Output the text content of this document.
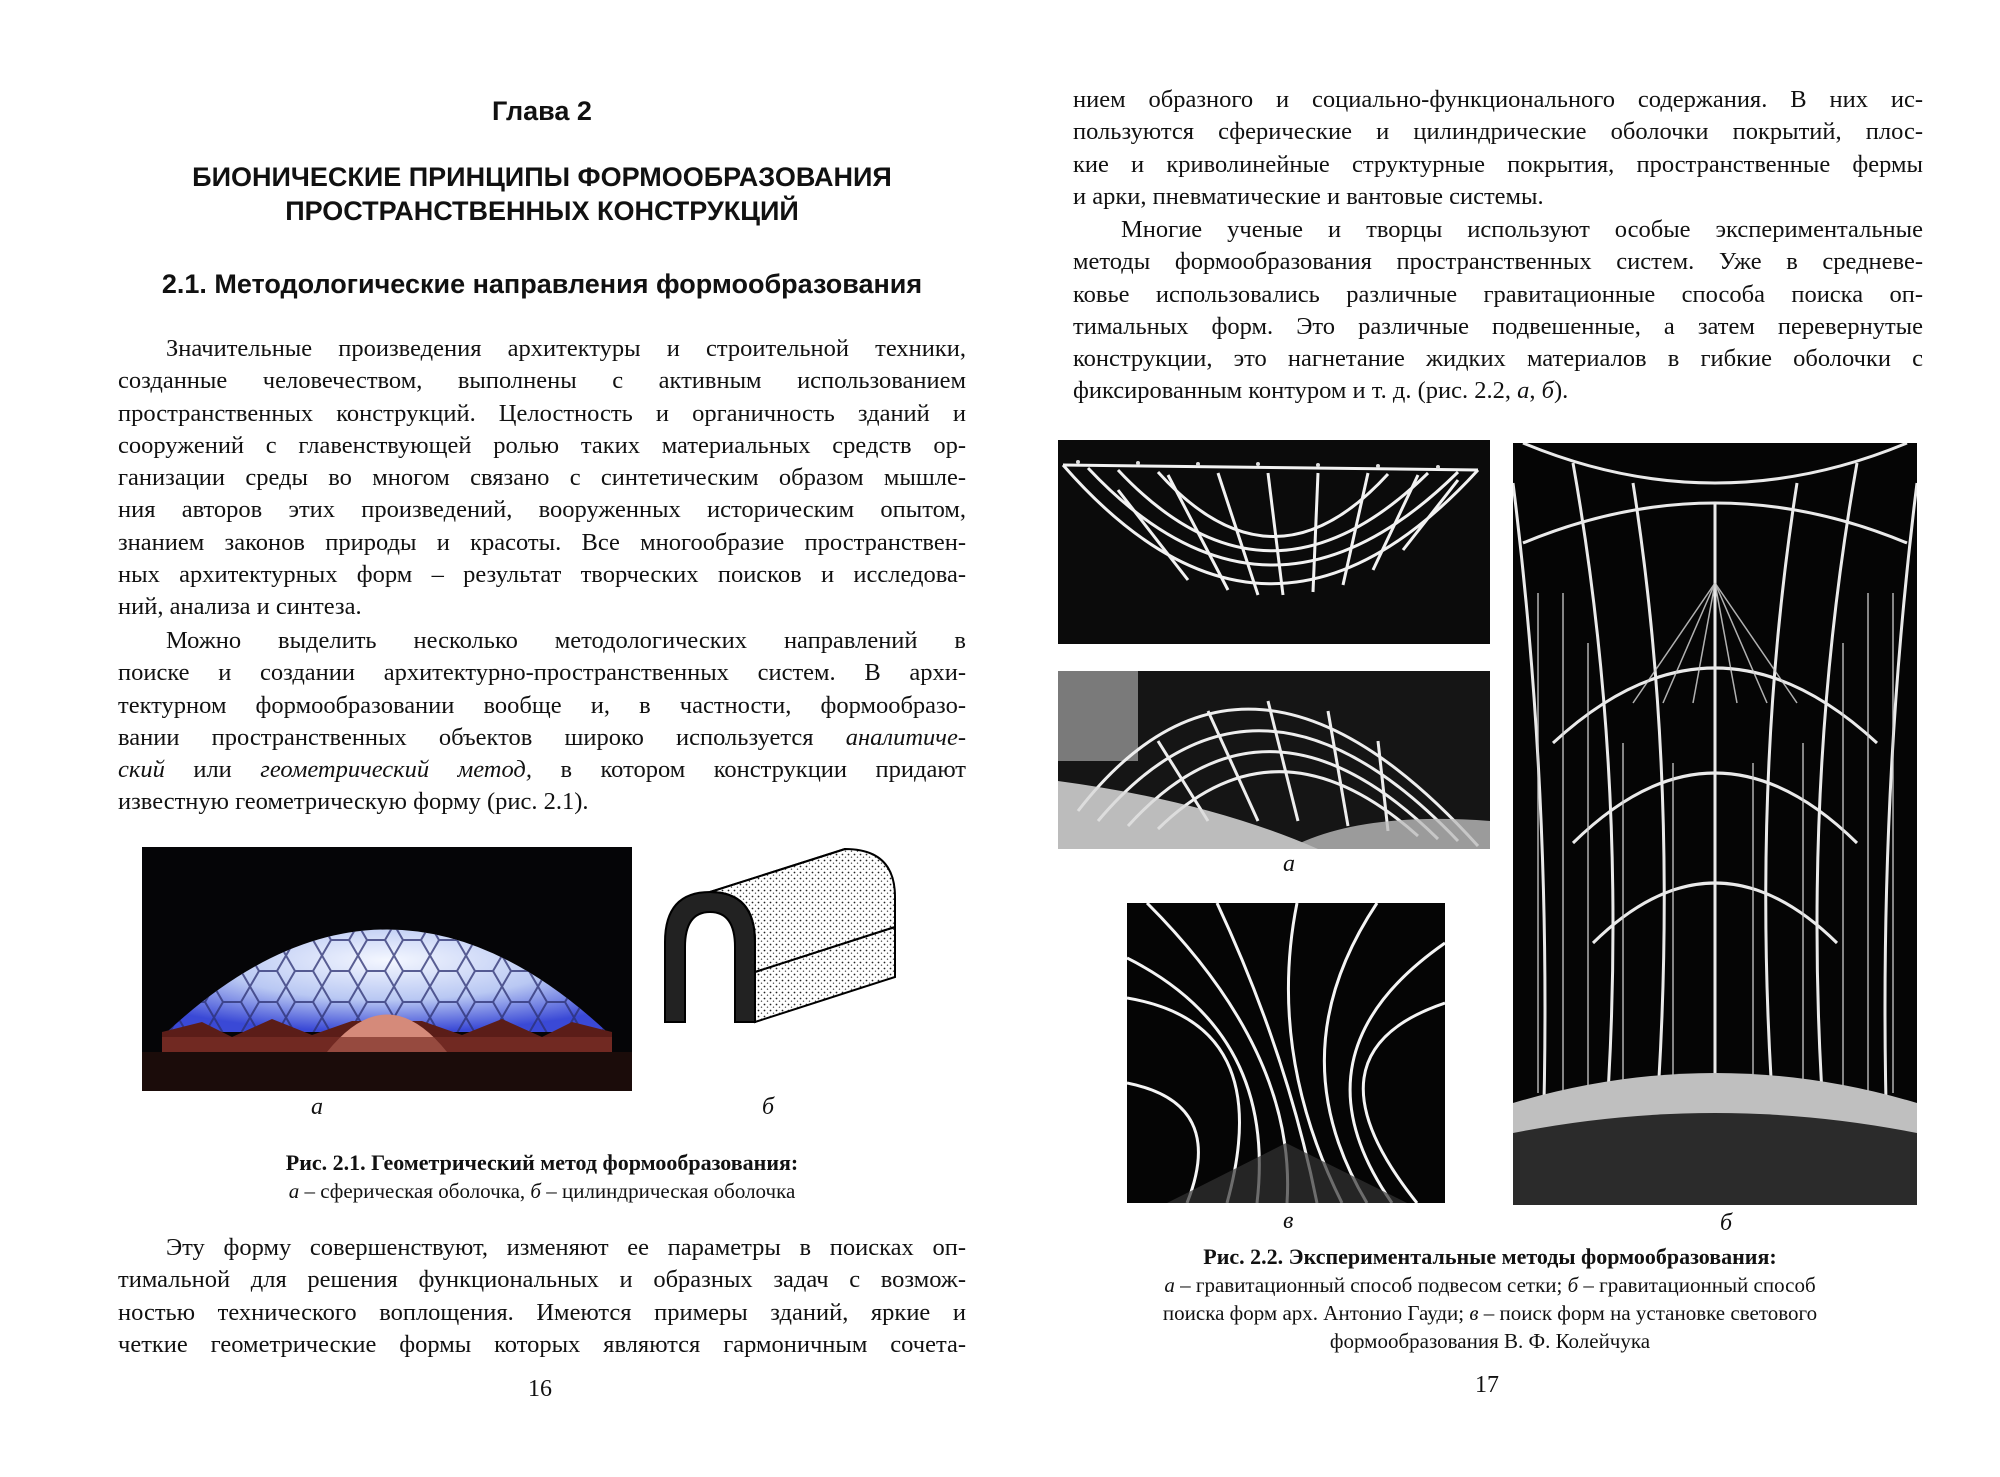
Глава 2
БИОНИЧЕСКИЕ ПРИНЦИПЫ ФОРМООБРАЗОВАНИЯ
ПРОСТРАНСТВЕННЫХ КОНСТРУКЦИЙ
2.1. Методологические направления формообразования
Значительные произведения архитектуры и строительной техники,
созданные человечеством, выполнены с активным использованием
пространственных конструкций. Целостность и органичность зданий и
сооружений с главенствующей ролью таких материальных средств ор-
ганизации среды во многом связано с синтетическим образом мышле-
ния авторов этих произведений, вооруженных историческим опытом,
знанием законов природы и красоты. Все многообразие пространствен-
ных архитектурных форм – результат творческих поисков и исследова-
ний, анализа и синтеза.
Можно выделить несколько методологических направлений в
поиске и создании архитектурно-пространственных систем. В архи-
тектурном формообразовании вообще и, в частности, формообразо-
вании пространственных объектов широко используется аналитиче-
ский или геометрический метод, в котором конструкции придают
известную геометрическую форму (рис. 2.1).
а	б
Рис. 2.1. Геометрический метод формообразования:
а – сферическая оболочка, б – цилиндрическая оболочка
Эту форму совершенствуют, изменяют ее параметры в поисках оп-
тимальной для решения функциональных и образных задач с возмож-
ностью технического воплощения. Имеются примеры зданий, яркие и
четкие геометрические формы которых являются гармоничным сочета-
16
нием образного и социально-функционального содержания. В них ис-
пользуются сферические и цилиндрические оболочки покрытий, плос-
кие и криволинейные структурные покрытия, пространственные фермы
и арки, пневматические и вантовые системы.
Многие ученые и творцы используют особые экспериментальные
методы формообразования пространственных систем. Уже в средневе-
ковье использовались различные гравитационные способа поиска оп-
тимальных форм. Это различные подвешенные, а затем перевернутые
конструкции, это нагнетание жидких материалов в гибкие оболочки с
фиксированным контуром и т. д. (рис. 2.2, а, б).
а
в	б
Рис. 2.2. Экспериментальные методы формообразования:
а – гравитационный способ подвесом сетки; б – гравитационный способ
поиска форм арх. Антонио Гауди; в – поиск форм на установке светового
формообразования В. Ф. Колейчука
17
